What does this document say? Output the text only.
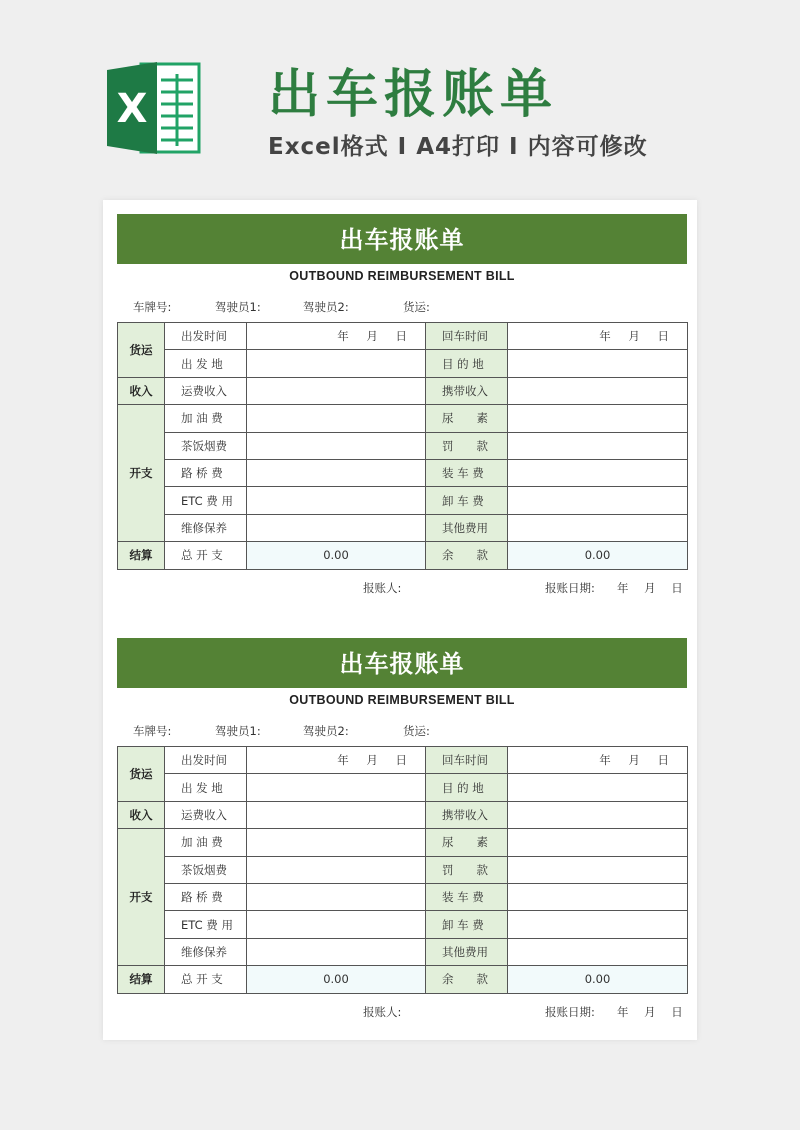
X 出车报账单
Excel格式 I A4打印 I 内容可修改
出车报账单
OUTBOUND REIMBURSEMENT BILL
车牌号:	驾驶员1:	驾驶员2:	货运:
货运	出发时间	年 月 日	回车时间	年 月 日
	出 发 地		目 的 地	
收入	运费收入		携带收入	
开支	加 油 费		尿　　素	
	茶饭烟费		罚　　款	
	路 桥 费		装 车 费	
	ETC 费 用		卸 车 费	
	维修保养		其他费用	
结算	总 开 支	0.00	余　　款	0.00
报账人:	报账日期: 年 月 日
出车报账单
OUTBOUND REIMBURSEMENT BILL
车牌号:	驾驶员1:	驾驶员2:	货运:
货运	出发时间	年 月 日	回车时间	年 月 日
	出 发 地		目 的 地	
收入	运费收入		携带收入	
开支	加 油 费		尿　　素	
	茶饭烟费		罚　　款	
	路 桥 费		装 车 费	
	ETC 费 用		卸 车 费	
	维修保养		其他费用	
结算	总 开 支	0.00	余　　款	0.00
报账人:	报账日期: 年 月 日
